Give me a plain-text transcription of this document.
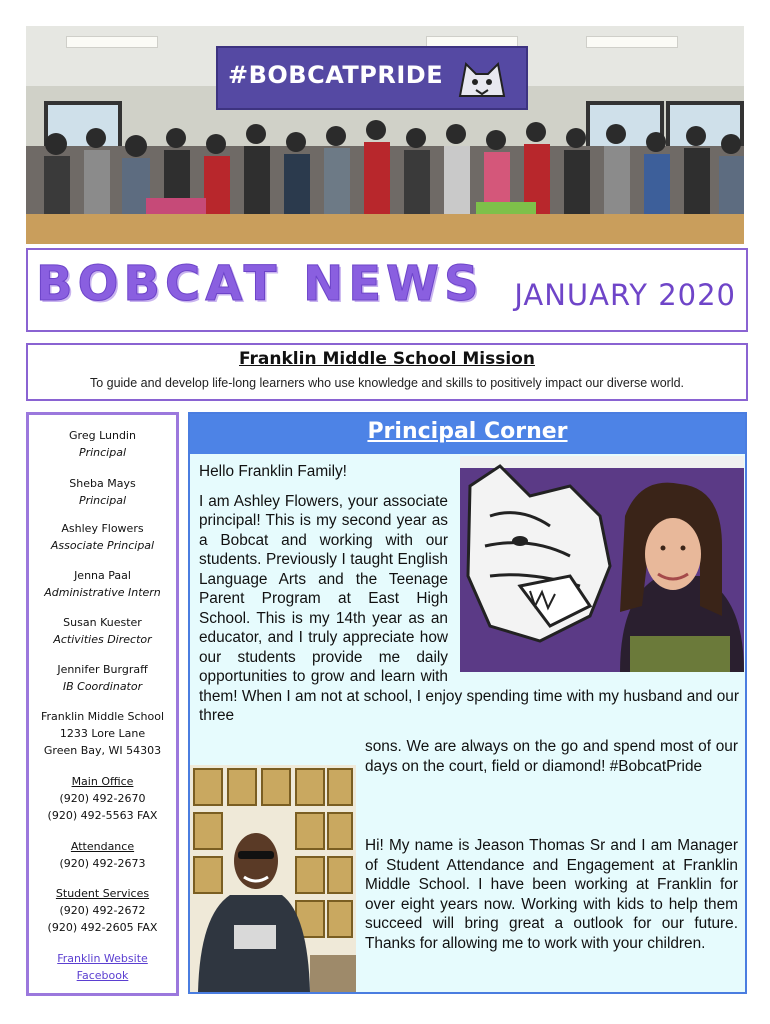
#BOBCATPRIDE
BOBCAT NEWS JANUARY 2020
Franklin Middle School Mission
To guide and develop life-long learners who use knowledge and skills to positively impact our diverse world.
Greg Lundin
Principal
Sheba Mays
Principal
Ashley Flowers
Associate Principal
Jenna Paal
Administrative Intern
Susan Kuester
Activities Director
Jennifer Burgraff
IB Coordinator
Franklin Middle School
1233 Lore Lane
Green Bay, WI 54303
Main Office
(920) 492-2670
(920) 492-5563 FAX
Attendance
(920) 492-2673
Student Services
(920) 492-2672
(920) 492-2605 FAX
Franklin Website
Facebook
Principal Corner

Hello Franklin Family!

I am Ashley Flowers, your associate principal! This is my second year as a Bobcat and working with our students. Previously I taught English Language Arts and the Teenage Parent Program at East High School. This is my 14th year as an educator, and I truly appreciate how our students provide me daily opportunities to grow and learn with them! When I am not at school, I enjoy spending time with my husband and our three

sons. We are always on the go and spend most of our days on the court, field or diamond! #BobcatPride
Hi! My name is Jeason Thomas Sr and I am Manager of Student Attendance and Engagement at Franklin Middle School. I have been working at Franklin for over eight years now. Working with kids to help them succeed will bring great a outlook for our future. Thanks for allowing me to work with your children.
